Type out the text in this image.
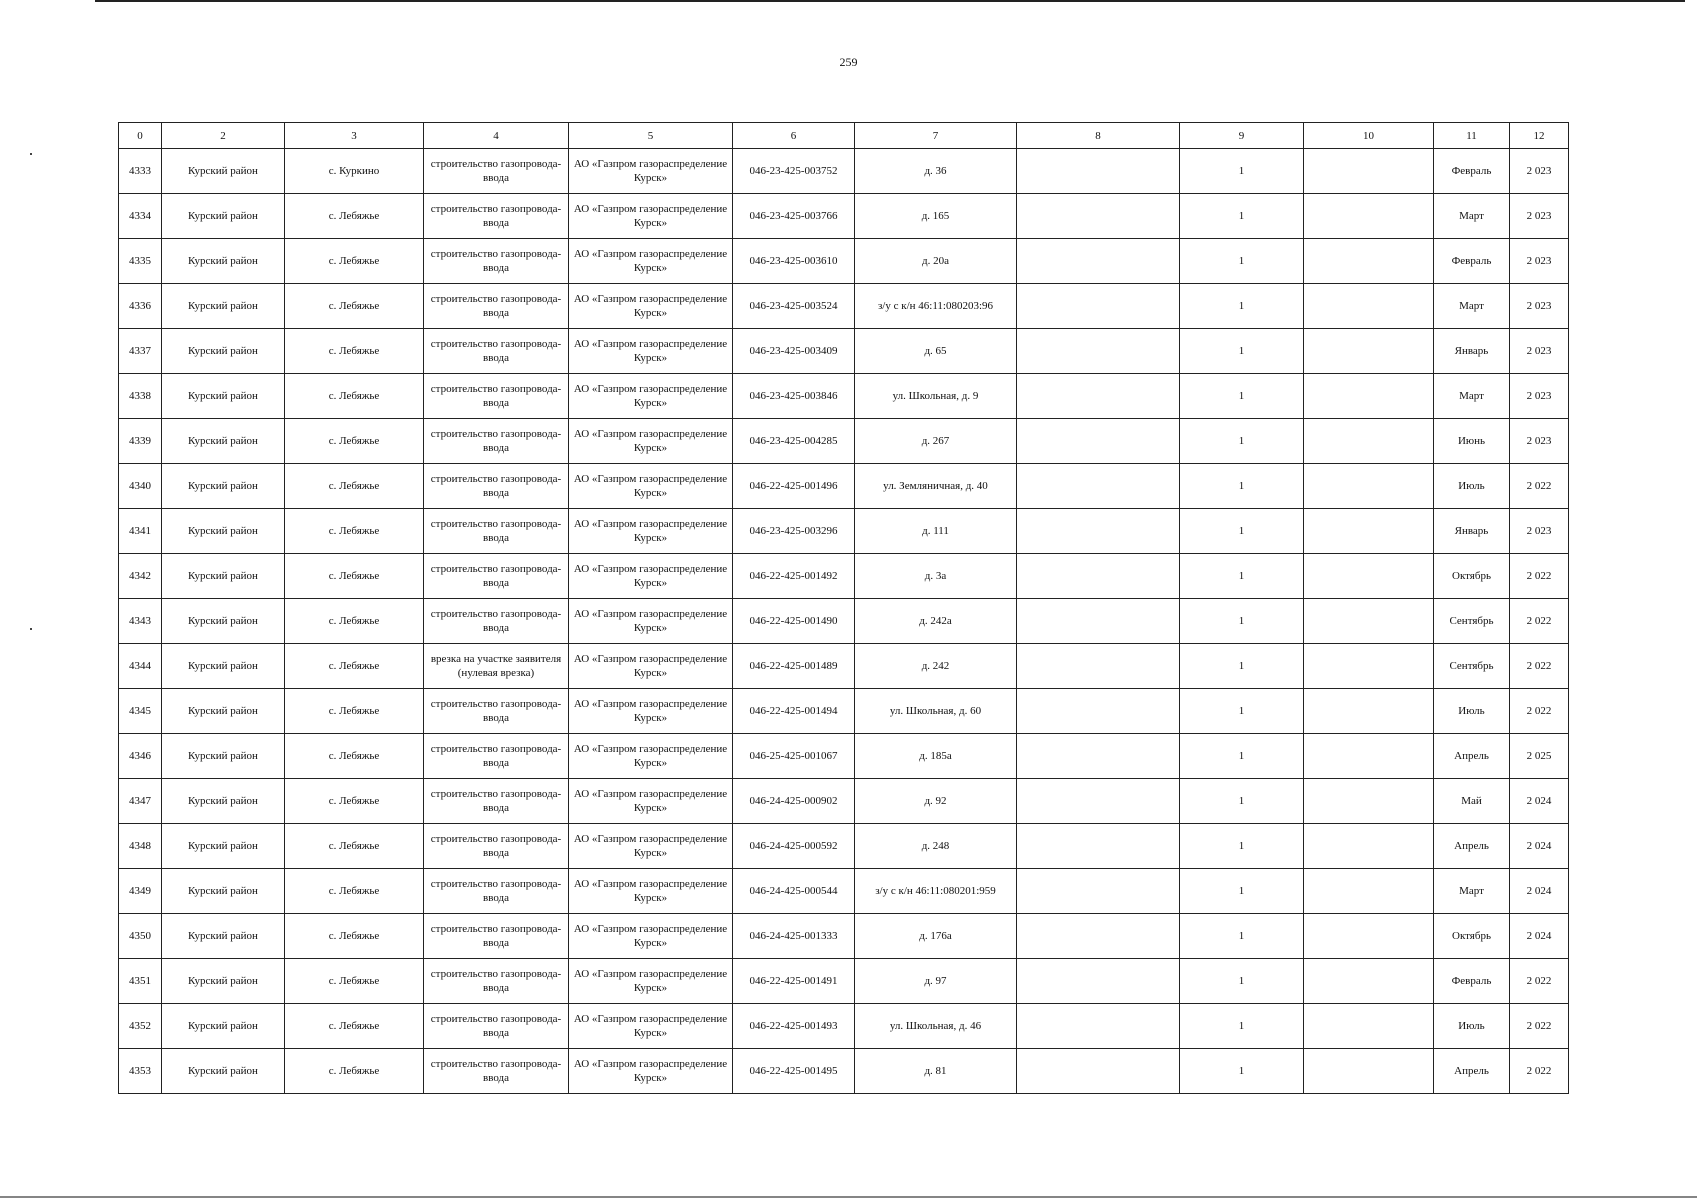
259
0	2	3	4	5	6	7	8	9	10	11	12
4333	Курский район	с. Куркино	строительство газопровода-ввода	АО «Газпром газораспределение Курск»	046-23-425-003752	д. 36		1		Февраль	2 023
4334	Курский район	с. Лебяжье	строительство газопровода-ввода	АО «Газпром газораспределение Курск»	046-23-425-003766	д. 165		1		Март	2 023
4335	Курский район	с. Лебяжье	строительство газопровода-ввода	АО «Газпром газораспределение Курск»	046-23-425-003610	д. 20а		1		Февраль	2 023
4336	Курский район	с. Лебяжье	строительство газопровода-ввода	АО «Газпром газораспределение Курск»	046-23-425-003524	з/у с к/н 46:11:080203:96		1		Март	2 023
4337	Курский район	с. Лебяжье	строительство газопровода-ввода	АО «Газпром газораспределение Курск»	046-23-425-003409	д. 65		1		Январь	2 023
4338	Курский район	с. Лебяжье	строительство газопровода-ввода	АО «Газпром газораспределение Курск»	046-23-425-003846	ул. Школьная, д. 9		1		Март	2 023
4339	Курский район	с. Лебяжье	строительство газопровода-ввода	АО «Газпром газораспределение Курск»	046-23-425-004285	д. 267		1		Июнь	2 023
4340	Курский район	с. Лебяжье	строительство газопровода-ввода	АО «Газпром газораспределение Курск»	046-22-425-001496	ул. Земляничная, д. 40		1		Июль	2 022
4341	Курский район	с. Лебяжье	строительство газопровода-ввода	АО «Газпром газораспределение Курск»	046-23-425-003296	д. 111		1		Январь	2 023
4342	Курский район	с. Лебяжье	строительство газопровода-ввода	АО «Газпром газораспределение Курск»	046-22-425-001492	д. 3а		1		Октябрь	2 022
4343	Курский район	с. Лебяжье	строительство газопровода-ввода	АО «Газпром газораспределение Курск»	046-22-425-001490	д. 242а		1		Сентябрь	2 022
4344	Курский район	с. Лебяжье	врезка на участке заявителя (нулевая врезка)	АО «Газпром газораспределение Курск»	046-22-425-001489	д. 242		1		Сентябрь	2 022
4345	Курский район	с. Лебяжье	строительство газопровода-ввода	АО «Газпром газораспределение Курск»	046-22-425-001494	ул. Школьная, д. 60		1		Июль	2 022
4346	Курский район	с. Лебяжье	строительство газопровода-ввода	АО «Газпром газораспределение Курск»	046-25-425-001067	д. 185а		1		Апрель	2 025
4347	Курский район	с. Лебяжье	строительство газопровода-ввода	АО «Газпром газораспределение Курск»	046-24-425-000902	д. 92		1		Май	2 024
4348	Курский район	с. Лебяжье	строительство газопровода-ввода	АО «Газпром газораспределение Курск»	046-24-425-000592	д. 248		1		Апрель	2 024
4349	Курский район	с. Лебяжье	строительство газопровода-ввода	АО «Газпром газораспределение Курск»	046-24-425-000544	з/у с к/н 46:11:080201:959		1		Март	2 024
4350	Курский район	с. Лебяжье	строительство газопровода-ввода	АО «Газпром газораспределение Курск»	046-24-425-001333	д. 176а		1		Октябрь	2 024
4351	Курский район	с. Лебяжье	строительство газопровода-ввода	АО «Газпром газораспределение Курск»	046-22-425-001491	д. 97		1		Февраль	2 022
4352	Курский район	с. Лебяжье	строительство газопровода-ввода	АО «Газпром газораспределение Курск»	046-22-425-001493	ул. Школьная, д. 46		1		Июль	2 022
4353	Курский район	с. Лебяжье	строительство газопровода-ввода	АО «Газпром газораспределение Курск»	046-22-425-001495	д. 81		1		Апрель	2 022
